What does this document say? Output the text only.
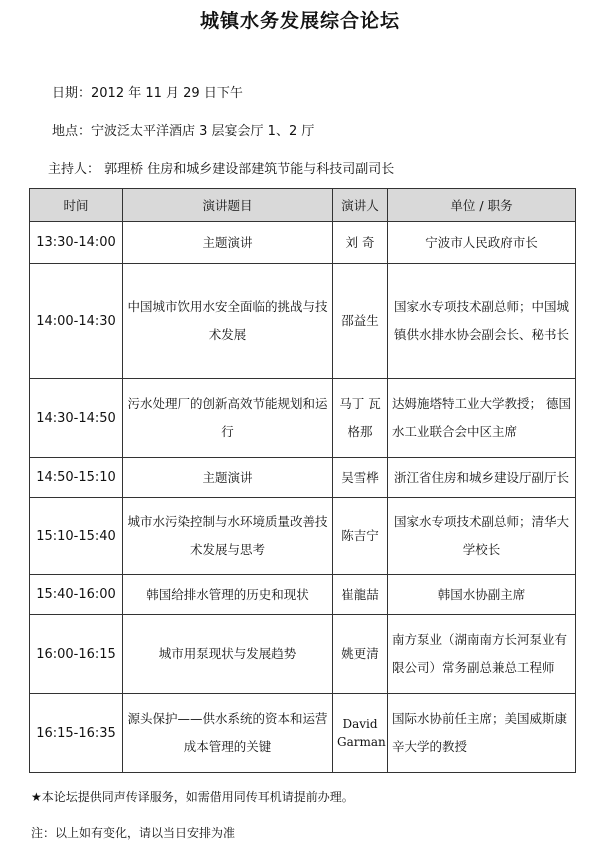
城镇水务发展综合论坛
日期：2012 年 11 月 29 日下午
地点：宁波泛太平洋酒店 3 层宴会厅 1、2 厅
主持人： 郭理桥 住房和城乡建设部建筑节能与科技司副司长
时间	演讲题目	演讲人	单位 / 职务
13:30-14:00	主题演讲	刘 奇	宁波市人民政府市长
14:00-14:30	中国城市饮用水安全面临的挑战与技术发展	邵益生	国家水专项技术副总师；中国城镇供水排水协会副会长、秘书长
14:30-14:50	污水处理厂的创新高效节能规划和运行	马丁 瓦格那	达姆施塔特工业大学教授； 德国水工业联合会中区主席
14:50-15:10	主题演讲	吴雪桦	浙江省住房和城乡建设厅副厅长
15:10-15:40	城市水污染控制与水环境质量改善技术发展与思考	陈吉宁	国家水专项技术副总师；清华大学校长
15:40-16:00	韩国给排水管理的历史和现状	崔龍喆	韩国水协副主席
16:00-16:15	城市用泵现状与发展趋势	姚更清	南方泵业（湖南南方长河泵业有限公司）常务副总兼总工程师
16:15-16:35	源头保护——供水系统的资本和运营成本管理的关键	David Garman	国际水协前任主席；美国威斯康辛大学的教授
★本论坛提供同声传译服务，如需借用同传耳机请提前办理。
注：以上如有变化，请以当日安排为准
